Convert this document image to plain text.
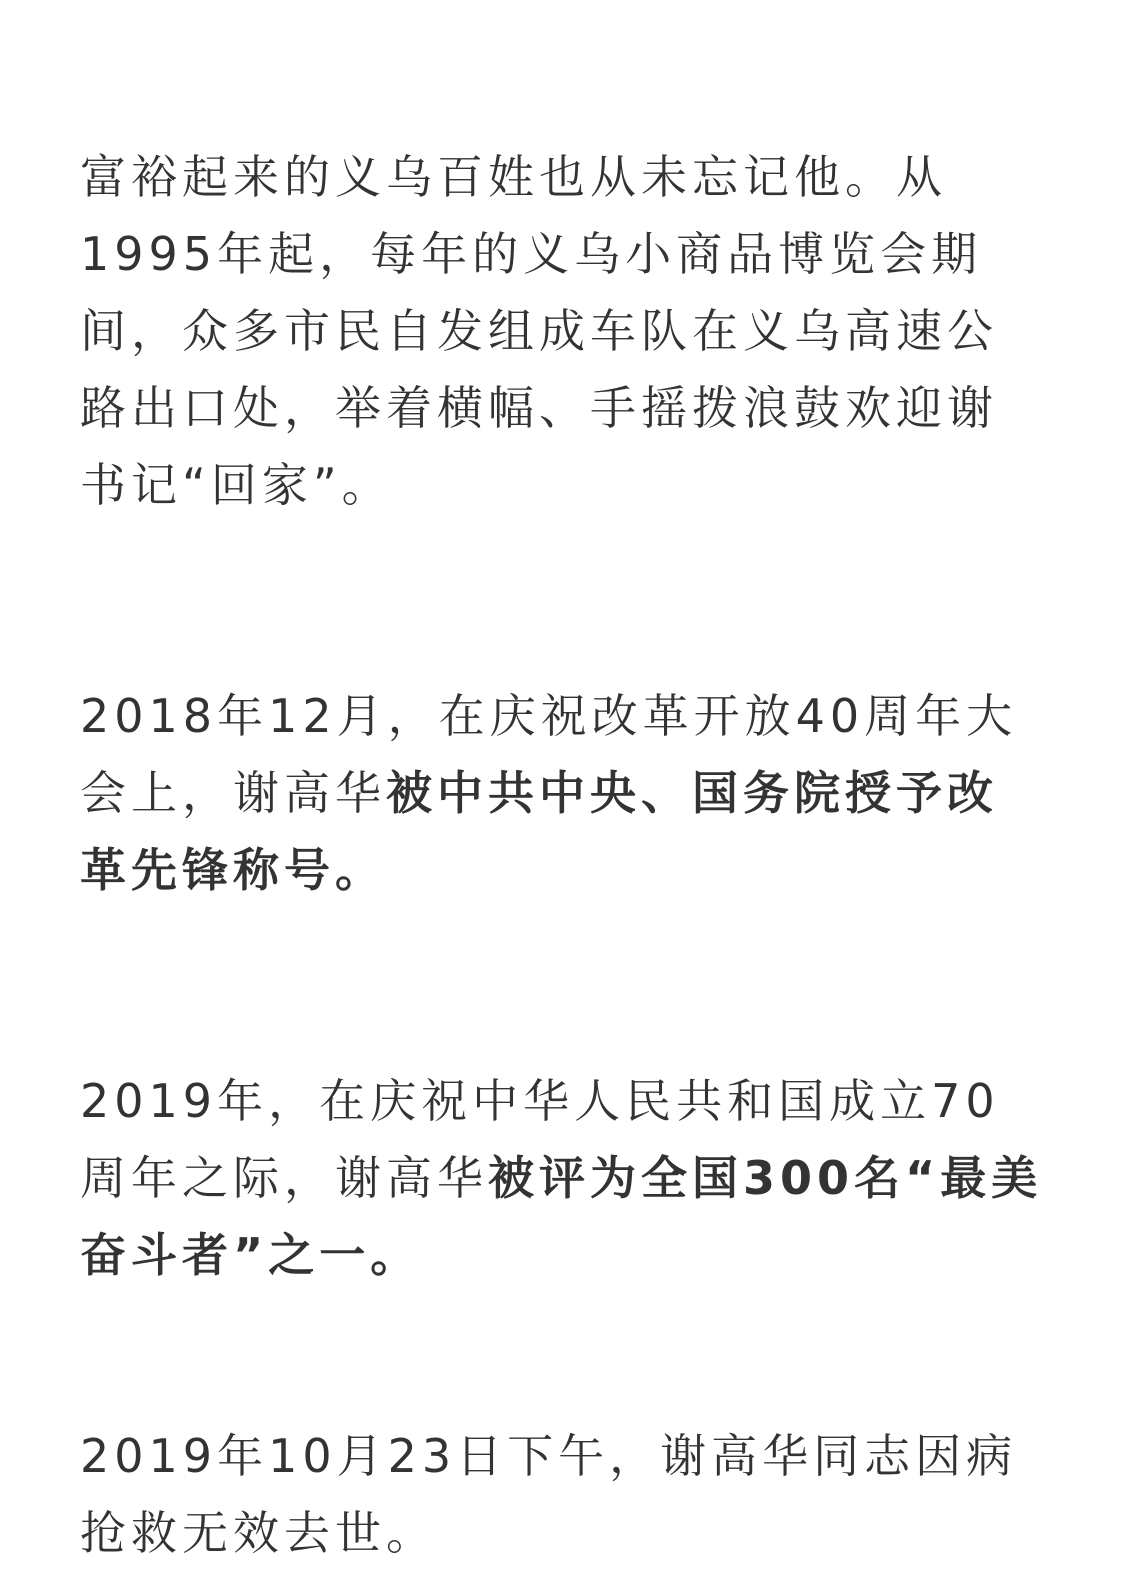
富裕起来的义乌百姓也从未忘记他。从1995年起，每年的义乌小商品博览会期间，众多市民自发组成车队在义乌高速公路出口处，举着横幅、手摇拨浪鼓欢迎谢书记“回家”。

2018年12月，在庆祝改革开放40周年大会上，谢高华被中共中央、国务院授予改革先锋称号。

2019年，在庆祝中华人民共和国成立70周年之际，谢高华被评为全国300名“最美奋斗者”之一。

2019年10月23日下午，谢高华同志因病抢救无效去世。
